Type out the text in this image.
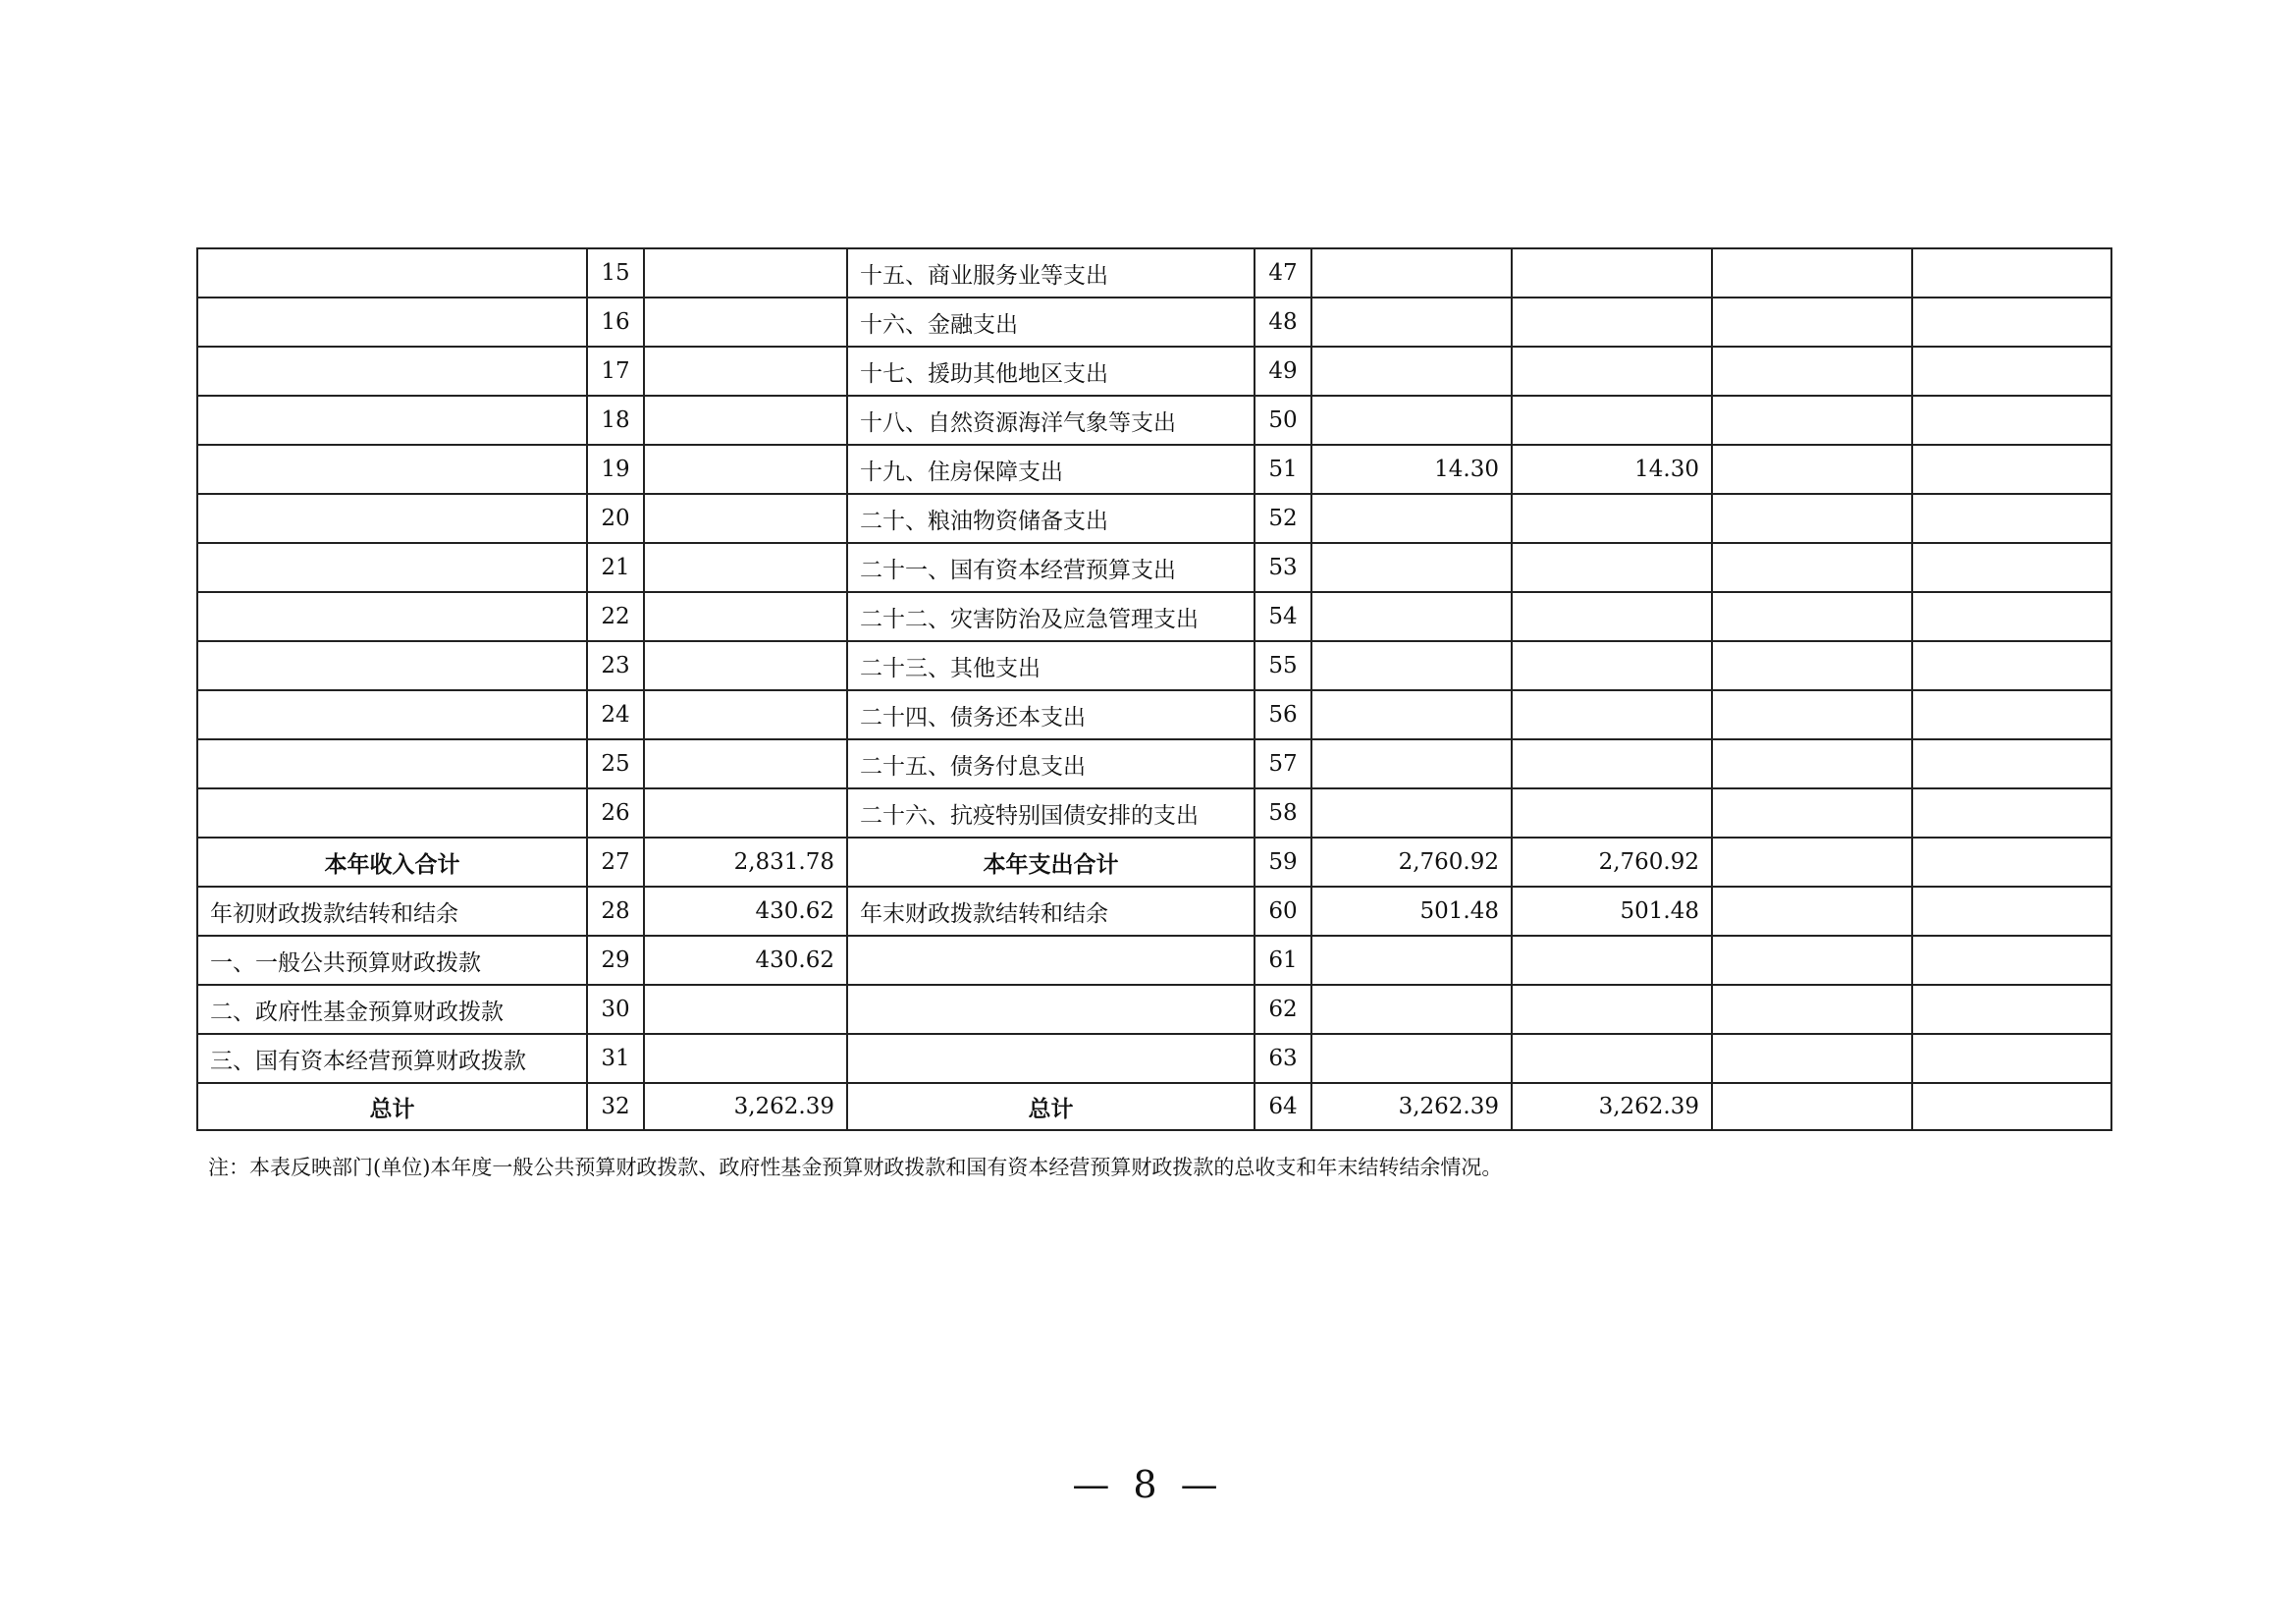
	15		十五、商业服务业等支出	47				
	16		十六、金融支出	48				
	17		十七、援助其他地区支出	49				
	18		十八、自然资源海洋气象等支出	50				
	19		十九、住房保障支出	51	14.30	14.30		
	20		二十、粮油物资储备支出	52				
	21		二十一、国有资本经营预算支出	53				
	22		二十二、灾害防治及应急管理支出	54				
	23		二十三、其他支出	55				
	24		二十四、债务还本支出	56				
	25		二十五、债务付息支出	57				
	26		二十六、抗疫特别国债安排的支出	58				
本年收入合计	27	2,831.78	本年支出合计	59	2,760.92	2,760.92		
年初财政拨款结转和结余	28	430.62	年末财政拨款结转和结余	60	501.48	501.48		
一、一般公共预算财政拨款	29	430.62		61				
二、政府性基金预算财政拨款	30			62				
三、国有资本经营预算财政拨款	31			63				
总计	32	3,262.39	总计	64	3,262.39	3,262.39		
注：本表反映部门(单位)本年度一般公共预算财政拨款、政府性基金预算财政拨款和国有资本经营预算财政拨款的总收支和年末结转结余情况。
— 8 —
